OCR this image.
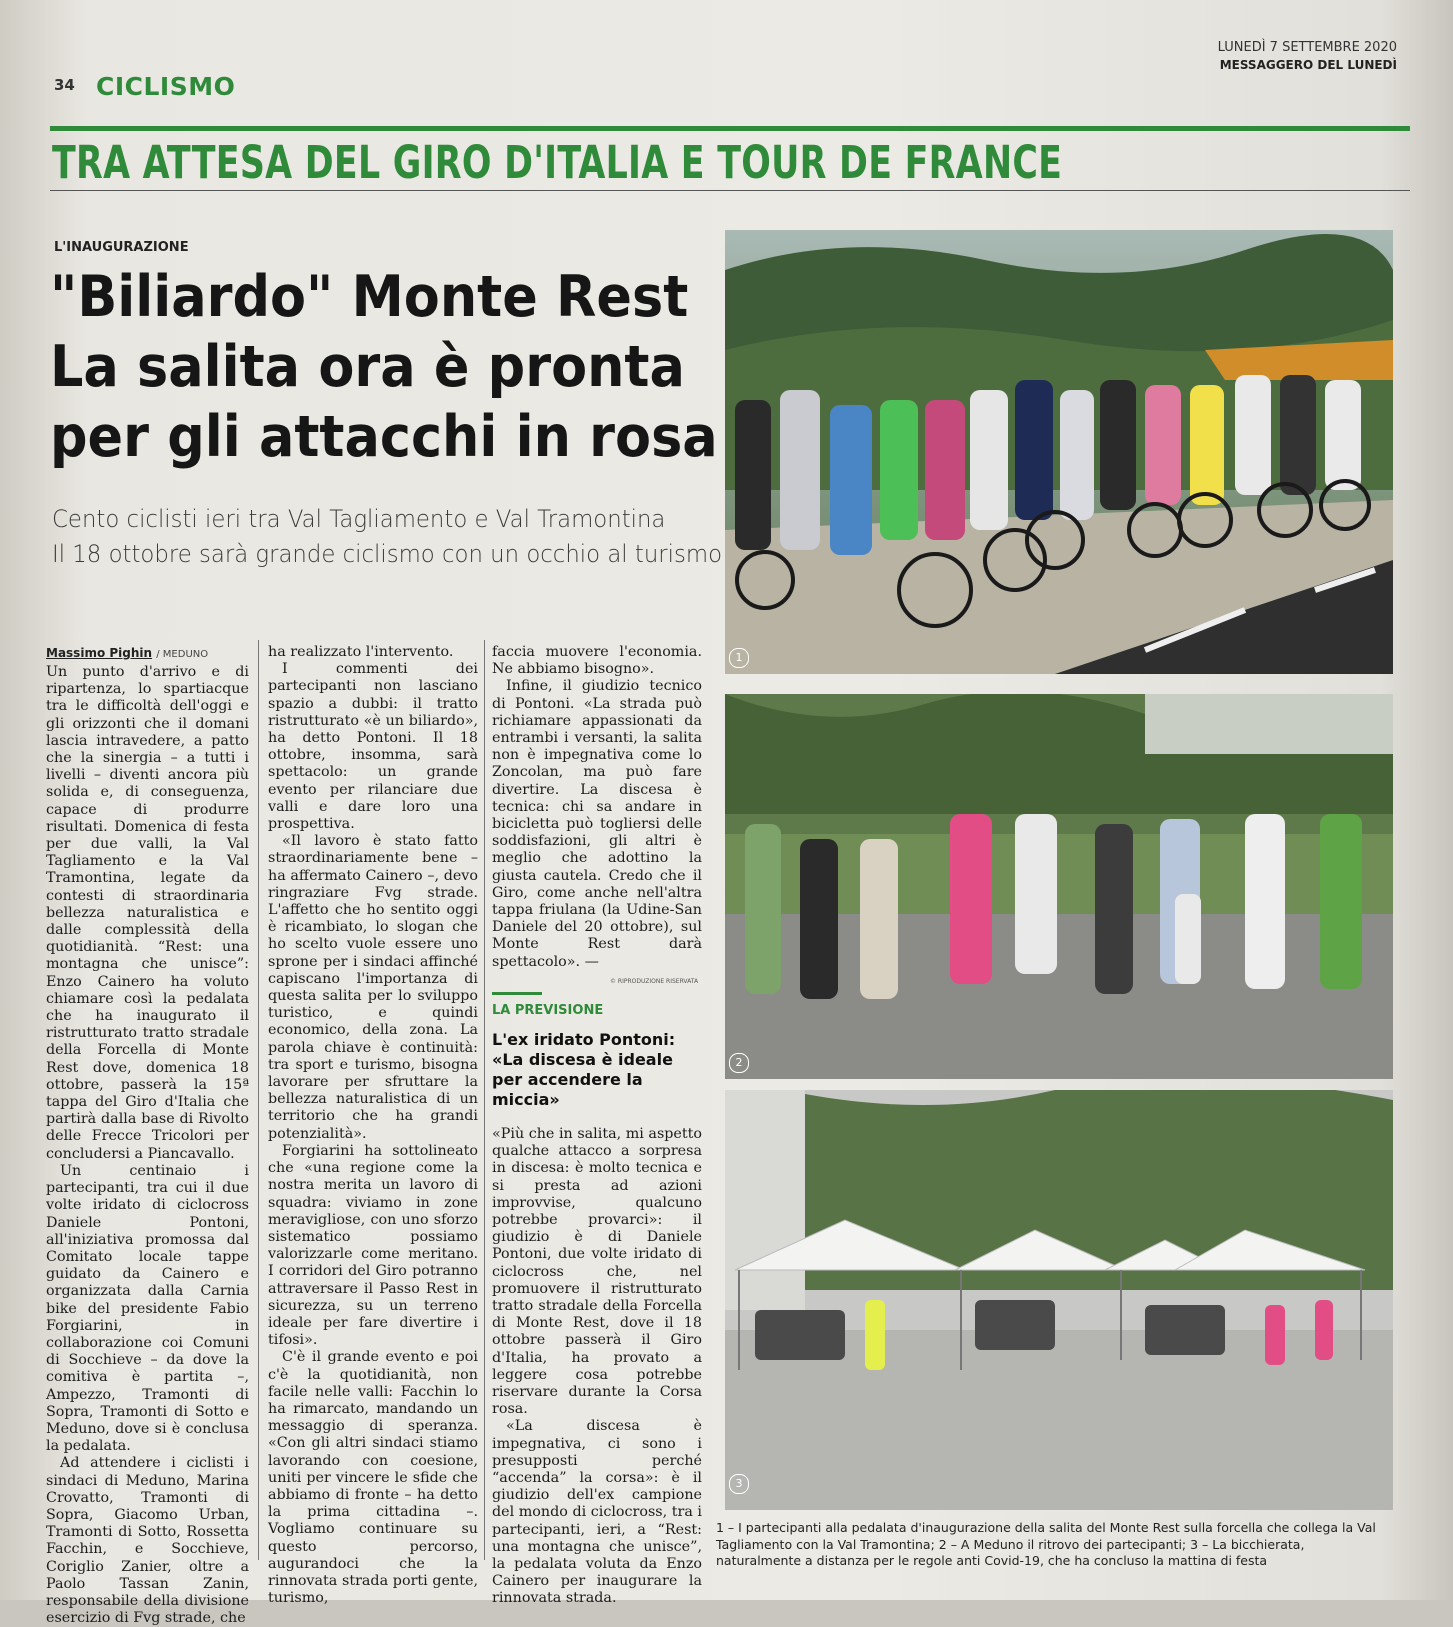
34 CICLISMO
LUNEDÌ 7 SETTEMBRE 2020
MESSAGGERO DEL LUNEDÌ
TRA ATTESA DEL GIRO D'ITALIA E TOUR DE FRANCE
L'INAUGURAZIONE
"Biliardo" Monte Rest
La salita ora è pronta
per gli attacchi in rosa
Cento ciclisti ieri tra Val Tagliamento e Val Tramontina
Il 18 ottobre sarà grande ciclismo con un occhio al turismo
Massimo Pighin / MEDUNO

Un punto d'arrivo e di ripartenza, lo spartiacque tra le difficoltà dell'oggi e gli orizzonti che il domani lascia intravedere, a patto che la sinergia – a tutti i livelli – diventi ancora più solida e, di conseguenza, capace di produrre risultati. Domenica di festa per due valli, la Val Tagliamento e la Val Tramontina, legate da contesti di straordinaria bellezza naturalistica e dalle complessità della quotidianità. “Rest: una montagna che unisce”: Enzo Cainero ha voluto chiamare così la pedalata che ha inaugurato il ristrutturato tratto stradale della Forcella di Monte Rest dove, domenica 18 ottobre, passerà la 15ª tappa del Giro d'Italia che partirà dalla base di Rivolto delle Frecce Tricolori per concludersi a Piancavallo.

Un centinaio i partecipanti, tra cui il due volte iridato di ciclocross Daniele Pontoni, all'iniziativa promossa dal Comitato locale tappe guidato da Cainero e organizzata dalla Carnia bike del presidente Fabio Forgiarini, in collaborazione coi Comuni di Socchieve – da dove la comitiva è partita –, Ampezzo, Tramonti di Sopra, Tramonti di Sotto e Meduno, dove si è conclusa la pedalata.

Ad attendere i ciclisti i sindaci di Meduno, Marina Crovatto, Tramonti di Sopra, Giacomo Urban, Tramonti di Sotto, Rossetta Facchin, e Socchieve, Coriglio Zanier, oltre a Paolo Tassan Zanin, responsabile della divisione esercizio di Fvg strade, che

ha realizzato l'intervento.

I commenti dei partecipanti non lasciano spazio a dubbi: il tratto ristrutturato «è un biliardo», ha detto Pontoni. Il 18 ottobre, insomma, sarà spettacolo: un grande evento per rilanciare due valli e dare loro una prospettiva.

«Il lavoro è stato fatto straordinariamente bene – ha affermato Cainero –, devo ringraziare Fvg strade. L'affetto che ho sentito oggi è ricambiato, lo slogan che ho scelto vuole essere uno sprone per i sindaci affinché capiscano l'importanza di questa salita per lo sviluppo turistico, e quindi economico, della zona. La parola chiave è continuità: tra sport e turismo, bisogna lavorare per sfruttare la bellezza naturalistica di un territorio che ha grandi potenzialità».

Forgiarini ha sottolineato che «una regione come la nostra merita un lavoro di squadra: viviamo in zone meravigliose, con uno sforzo sistematico possiamo valorizzarle come meritano. I corridori del Giro potranno attraversare il Passo Rest in sicurezza, su un terreno ideale per fare divertire i tifosi».

C'è il grande evento e poi c'è la quotidianità, non facile nelle valli: Facchin lo ha rimarcato, mandando un messaggio di speranza. «Con gli altri sindaci stiamo lavorando con coesione, uniti per vincere le sfide che abbiamo di fronte – ha detto la prima cittadina –. Vogliamo continuare su questo percorso, augurandoci che la rinnovata strada porti gente, turismo,

faccia muovere l'economia. Ne abbiamo bisogno».

Infine, il giudizio tecnico di Pontoni. «La strada può richiamare appassionati da entrambi i versanti, la salita non è impegnativa come lo Zoncolan, ma può fare divertire. La discesa è tecnica: chi sa andare in bicicletta può togliersi delle soddisfazioni, gli altri è meglio che adottino la giusta cautela. Credo che il Giro, come anche nell'altra tappa friulana (la Udine-San Daniele del 20 ottobre), sul Monte Rest darà spettacolo». —

© RIPRODUZIONE RISERVATA
LA PREVISIONE
L'ex iridato Pontoni:
«La discesa è ideale
per accendere la miccia»

«Più che in salita, mi aspetto qualche attacco a sorpresa in discesa: è molto tecnica e si presta ad azioni improvvise, qualcuno potrebbe provarci»: il giudizio è di Daniele Pontoni, due volte iridato di ciclocross che, nel promuovere il ristrutturato tratto stradale della Forcella di Monte Rest, dove il 18 ottobre passerà il Giro d'Italia, ha provato a leggere cosa potrebbe riservare durante la Corsa rosa.

«La discesa è impegnativa, ci sono i presupposti perché “accenda” la corsa»: è il giudizio dell'ex campione del mondo di ciclocross, tra i partecipanti, ieri, a “Rest: una montagna che unisce”, la pedalata voluta da Enzo Cainero per inaugurare la rinnovata strada.

1
2
3
1 – I partecipanti alla pedalata d'inaugurazione della salita del Monte Rest sulla forcella che collega la Val Tagliamento con la Val Tramontina; 2 – A Meduno il ritrovo dei partecipanti; 3 – La bicchierata, naturalmente a distanza per le regole anti Covid-19, che ha concluso la mattina di festa
